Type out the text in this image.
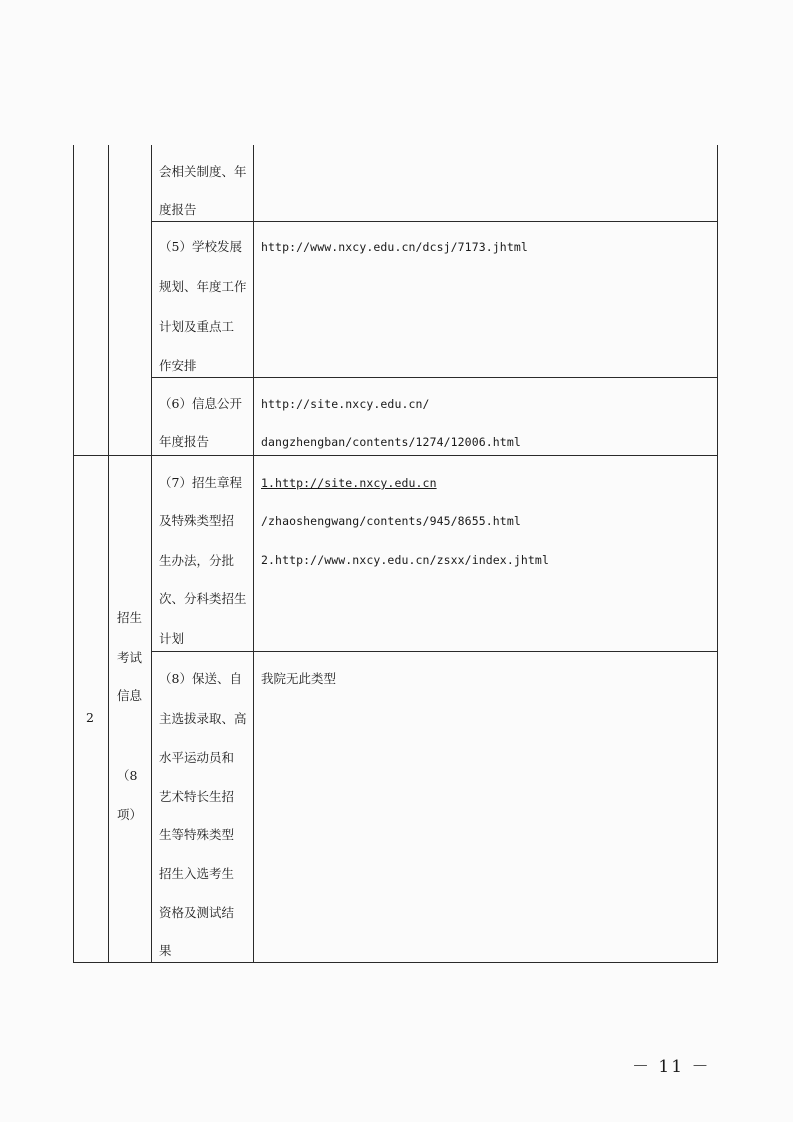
会相关制度、年
度报告
（5）学校发展
规划、年度工作
计划及重点工
作安排
http://www.nxcy.edu.cn/dcsj/7173.jhtml
（6）信息公开
年度报告
http://site.nxcy.edu.cn/
dangzhengban/contents/1274/12006.html
2
招生
考试
信息
（8
项）
（7）招生章程
及特殊类型招
生办法，分批
次、分科类招生
计划
1.http://site.nxcy.edu.cn
/zhaoshengwang/contents/945/8655.html
2.http://www.nxcy.edu.cn/zsxx/index.jhtml
（8）保送、自
主选拔录取、高
水平运动员和
艺术特长生招
生等特殊类型
招生入选考生
资格及测试结
果
我院无此类型
－ 11 －
